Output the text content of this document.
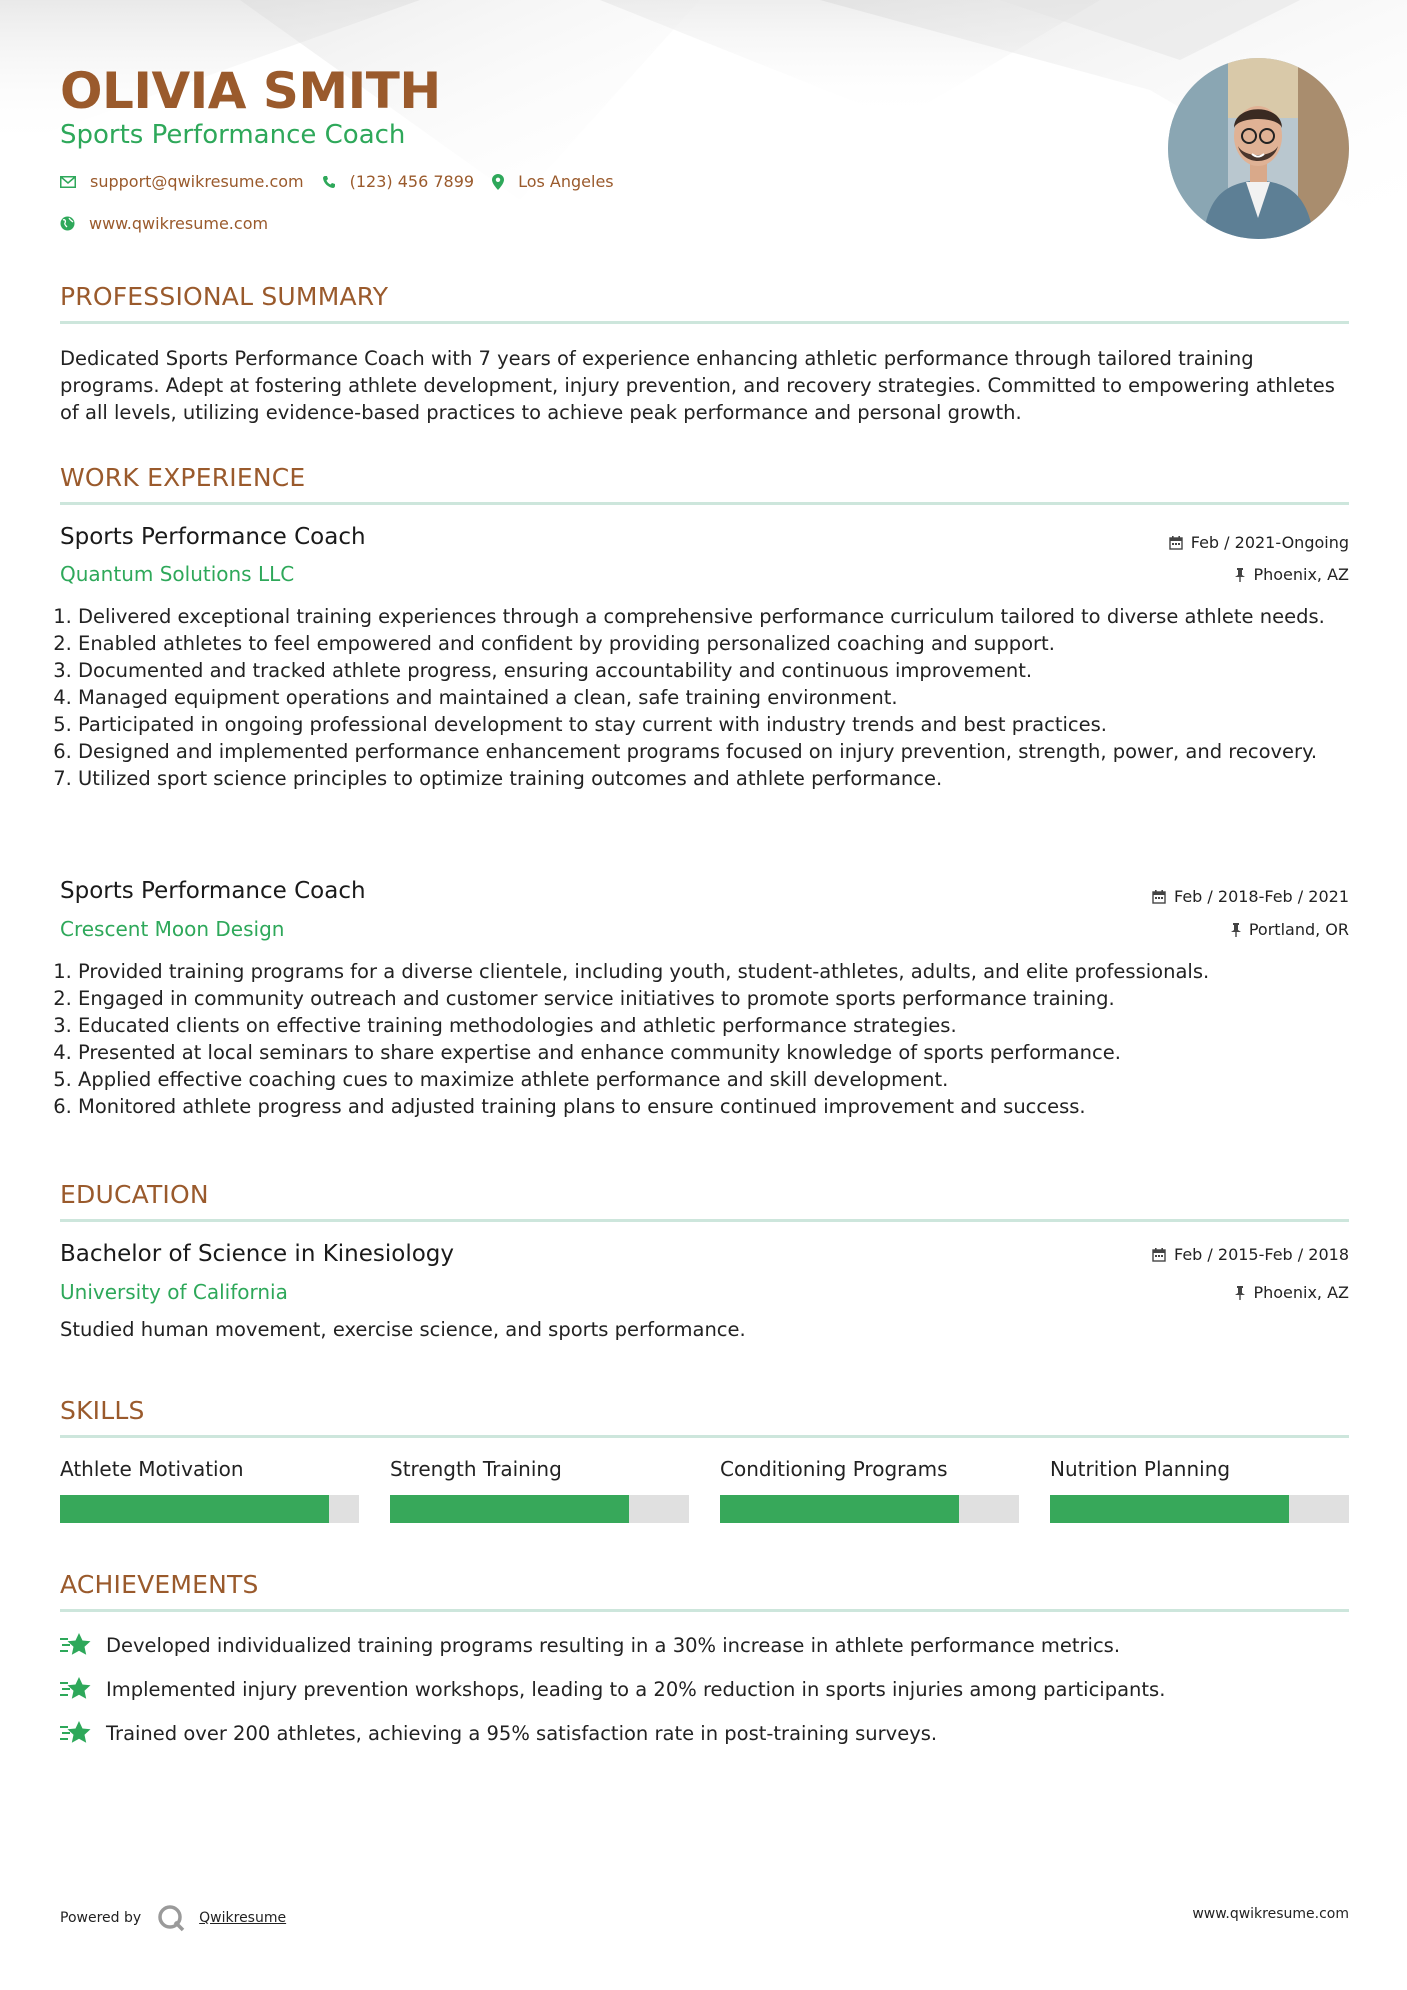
OLIVIA SMITH
Sports Performance Coach
support@qwikresume.com	(123) 456 7899	Los Angeles
www.qwikresume.com
PROFESSIONAL SUMMARY
Dedicated Sports Performance Coach with 7 years of experience enhancing athletic performance through tailored training programs. Adept at fostering athlete development, injury prevention, and recovery strategies. Committed to empowering athletes of all levels, utilizing evidence-based practices to achieve peak performance and personal growth.
WORK EXPERIENCE
Sports Performance Coach	Feb / 2021-Ongoing
Quantum Solutions LLC	Phoenix, AZ
1. Delivered exceptional training experiences through a comprehensive performance curriculum tailored to diverse athlete needs.
2. Enabled athletes to feel empowered and confident by providing personalized coaching and support.
3. Documented and tracked athlete progress, ensuring accountability and continuous improvement.
4. Managed equipment operations and maintained a clean, safe training environment.
5. Participated in ongoing professional development to stay current with industry trends and best practices.
6. Designed and implemented performance enhancement programs focused on injury prevention, strength, power, and recovery.
7. Utilized sport science principles to optimize training outcomes and athlete performance.
Sports Performance Coach	Feb / 2018-Feb / 2021
Crescent Moon Design	Portland, OR
1. Provided training programs for a diverse clientele, including youth, student-athletes, adults, and elite professionals.
2. Engaged in community outreach and customer service initiatives to promote sports performance training.
3. Educated clients on effective training methodologies and athletic performance strategies.
4. Presented at local seminars to share expertise and enhance community knowledge of sports performance.
5. Applied effective coaching cues to maximize athlete performance and skill development.
6. Monitored athlete progress and adjusted training plans to ensure continued improvement and success.
EDUCATION
Bachelor of Science in Kinesiology	Feb / 2015-Feb / 2018
University of California	Phoenix, AZ
Studied human movement, exercise science, and sports performance.
SKILLS
Athlete Motivation	Strength Training	Conditioning Programs	Nutrition Planning
ACHIEVEMENTS
Developed individualized training programs resulting in a 30% increase in athlete performance metrics.
Implemented injury prevention workshops, leading to a 20% reduction in sports injuries among participants.
Trained over 200 athletes, achieving a 95% satisfaction rate in post-training surveys.
Powered by	Qwikresume	www.qwikresume.com
